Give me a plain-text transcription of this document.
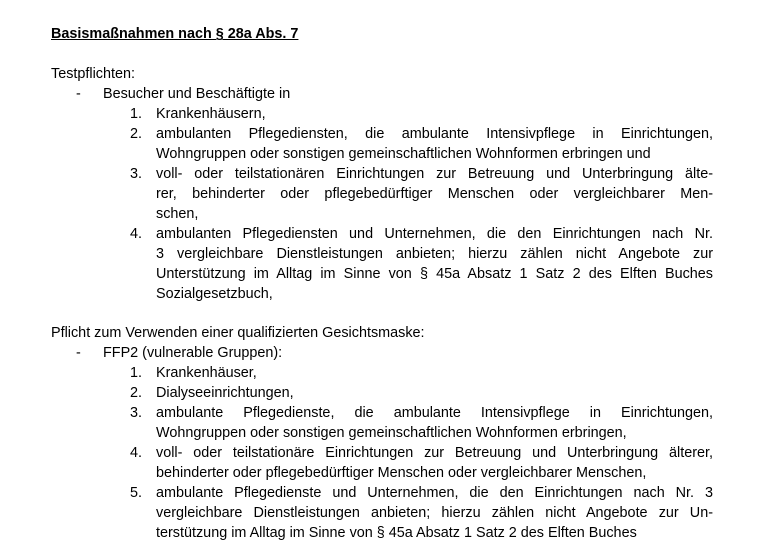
Basismaßnahmen nach § 28a Abs. 7
Testpflichten:
- Besucher und Beschäftigte in
1. Krankenhäusern,
2. ambulanten Pflegediensten, die ambulante Intensivpflege in Einrichtungen,
Wohngruppen oder sonstigen gemeinschaftlichen Wohnformen erbringen und
3. voll- oder teilstationären Einrichtungen zur Betreuung und Unterbringung älte-
rer, behinderter oder pflegebedürftiger Menschen oder vergleichbarer Men-
schen,
4. ambulanten Pflegediensten und Unternehmen, die den Einrichtungen nach Nr.
3 vergleichbare Dienstleistungen anbieten; hierzu zählen nicht Angebote zur
Unterstützung im Alltag im Sinne von § 45a Absatz 1 Satz 2 des Elften Buches
Sozialgesetzbuch,
Pflicht zum Verwenden einer qualifizierten Gesichtsmaske:
- FFP2 (vulnerable Gruppen):
1. Krankenhäuser,
2. Dialyseeinrichtungen,
3. ambulante Pflegedienste, die ambulante Intensivpflege in Einrichtungen,
Wohngruppen oder sonstigen gemeinschaftlichen Wohnformen erbringen,
4. voll- oder teilstationäre Einrichtungen zur Betreuung und Unterbringung älterer,
behinderter oder pflegebedürftiger Menschen oder vergleichbarer Menschen,
5. ambulante Pflegedienste und Unternehmen, die den Einrichtungen nach Nr. 3
vergleichbare Dienstleistungen anbieten; hierzu zählen nicht Angebote zur Un-
terstützung im Alltag im Sinne von § 45a Absatz 1 Satz 2 des Elften Buches
